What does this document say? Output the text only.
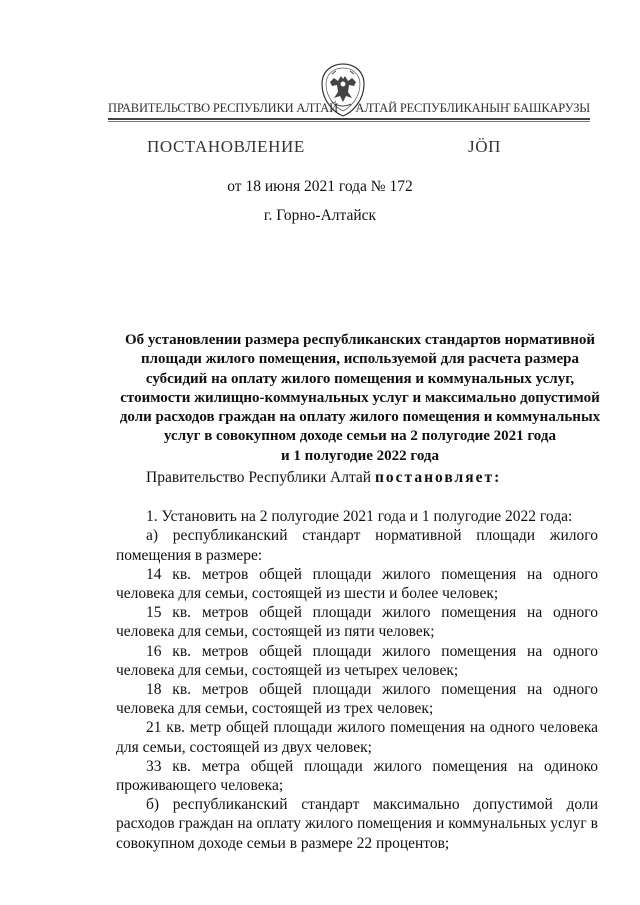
ПРАВИТЕЛЬСТВО РЕСПУБЛИКИ АЛТАЙ АЛТАЙ РЕСПУБЛИКАНЫҤ БАШКАРУЗЫ
ПОСТАНОВЛЕНИЕ	ЈӦП
от 18 июня 2021 года № 172
г. Горно-Алтайск
Об установлении размера республиканских стандартов нормативной
площади жилого помещения, используемой для расчета размера
субсидий на оплату жилого помещения и коммунальных услуг,
стоимости жилищно-коммунальных услуг и максимально допустимой
доли расходов граждан на оплату жилого помещения и коммунальных
услуг в совокупном доходе семьи на 2 полугодие 2021 года
и 1 полугодие 2022 года

Правительство Республики Алтай постановляет:

1. Установить на 2 полугодие 2021 года и 1 полугодие 2022 года:

а) республиканский стандарт нормативной площади жилого помещения в размере:

14 кв. метров общей площади жилого помещения на одного человека для семьи, состоящей из шести и более человек;

15 кв. метров общей площади жилого помещения на одного человека для семьи, состоящей из пяти человек;

16 кв. метров общей площади жилого помещения на одного человека для семьи, состоящей из четырех человек;

18 кв. метров общей площади жилого помещения на одного человека для семьи, состоящей из трех человек;

21 кв. метр общей площади жилого помещения на одного человека для семьи, состоящей из двух человек;

33 кв. метра общей площади жилого помещения на одиноко проживающего человека;

б) республиканский стандарт максимально допустимой доли расходов граждан на оплату жилого помещения и коммунальных услуг в совокупном доходе семьи в размере 22 процентов;
